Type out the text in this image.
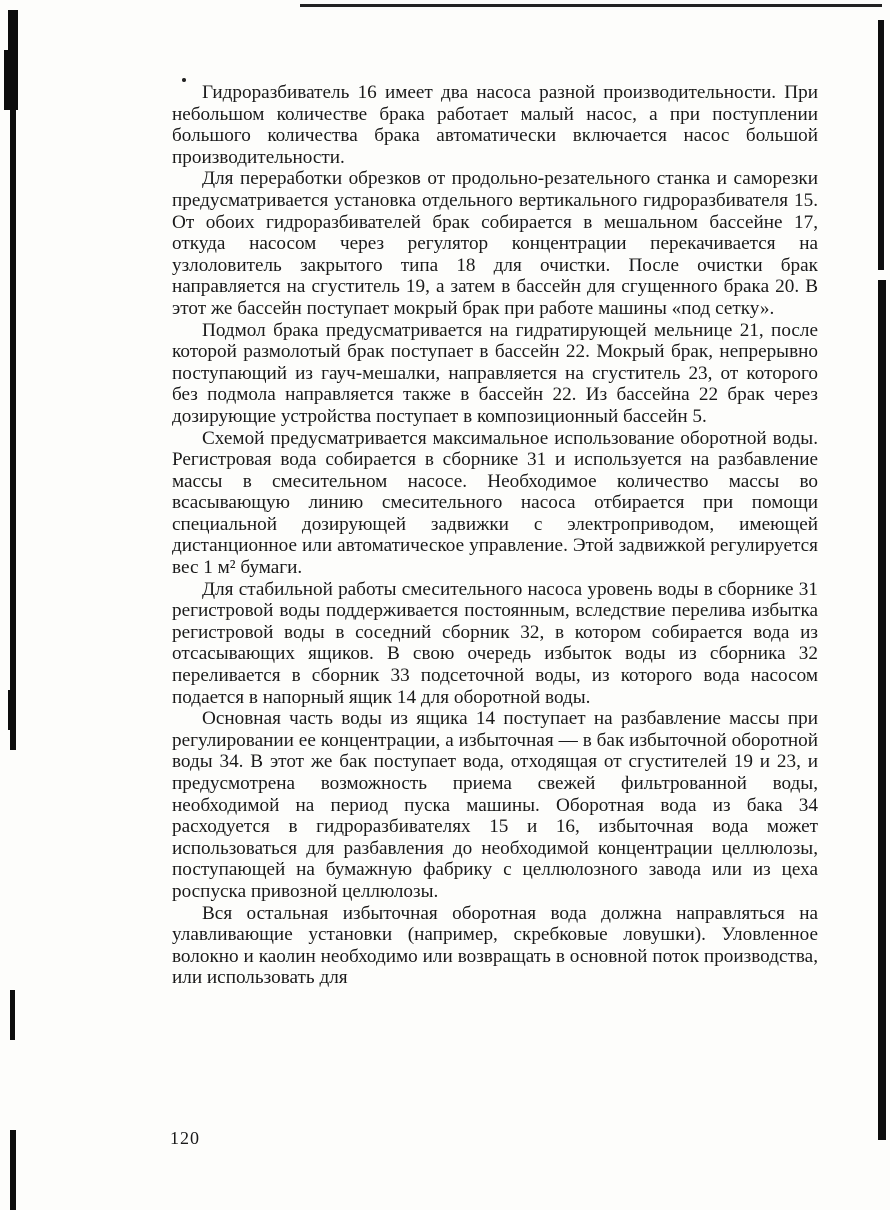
Гидроразбиватель 16 имеет два насоса разной производительности. При небольшом количестве брака работает малый насос, а при поступлении большого количества брака автоматически включается насос большой производительности.

Для переработки обрезков от продольно-резательного станка и саморезки предусматривается установка отдельного вертикального гидроразбивателя 15. От обоих гидроразбивателей брак собирается в мешальном бассейне 17, откуда насосом через регулятор концентрации перекачивается на узлоловитель закрытого типа 18 для очистки. После очистки брак направляется на сгуститель 19, а затем в бассейн для сгущенного брака 20. В этот же бассейн поступает мокрый брак при работе машины «под сетку».

Подмол брака предусматривается на гидратирующей мельнице 21, после которой размолотый брак поступает в бассейн 22. Мокрый брак, непрерывно поступающий из гауч-мешалки, направляется на сгуститель 23, от которого без подмола направляется также в бассейн 22. Из бассейна 22 брак через дозирующие устройства поступает в композиционный бассейн 5.

Схемой предусматривается максимальное использование оборотной воды. Регистровая вода собирается в сборнике 31 и используется на разбавление массы в смесительном насосе. Необходимое количество массы во всасывающую линию смесительного насоса отбирается при помощи специальной дозирующей задвижки с электроприводом, имеющей дистанционное или автоматическое управление. Этой задвижкой регулируется вес 1 м² бумаги.

Для стабильной работы смесительного насоса уровень воды в сборнике 31 регистровой воды поддерживается постоянным, вследствие перелива избытка регистровой воды в соседний сборник 32, в котором собирается вода из отсасывающих ящиков. В свою очередь избыток воды из сборника 32 переливается в сборник 33 подсеточной воды, из которого вода насосом подается в напорный ящик 14 для оборотной воды.

Основная часть воды из ящика 14 поступает на разбавление массы при регулировании ее концентрации, а избыточная — в бак избыточной оборотной воды 34. В этот же бак поступает вода, отходящая от сгустителей 19 и 23, и предусмотрена возможность приема свежей фильтрованной воды, необходимой на период пуска машины. Оборотная вода из бака 34 расходуется в гидроразбивателях 15 и 16, избыточная вода может использоваться для разбавления до необходимой концентрации целлюлозы, поступающей на бумажную фабрику с целлюлозного завода или из цеха роспуска привозной целлюлозы.

Вся остальная избыточная оборотная вода должна направляться на улавливающие установки (например, скребковые ловушки). Уловленное волокно и каолин необходимо или возвращать в основной поток производства, или использовать для

120
